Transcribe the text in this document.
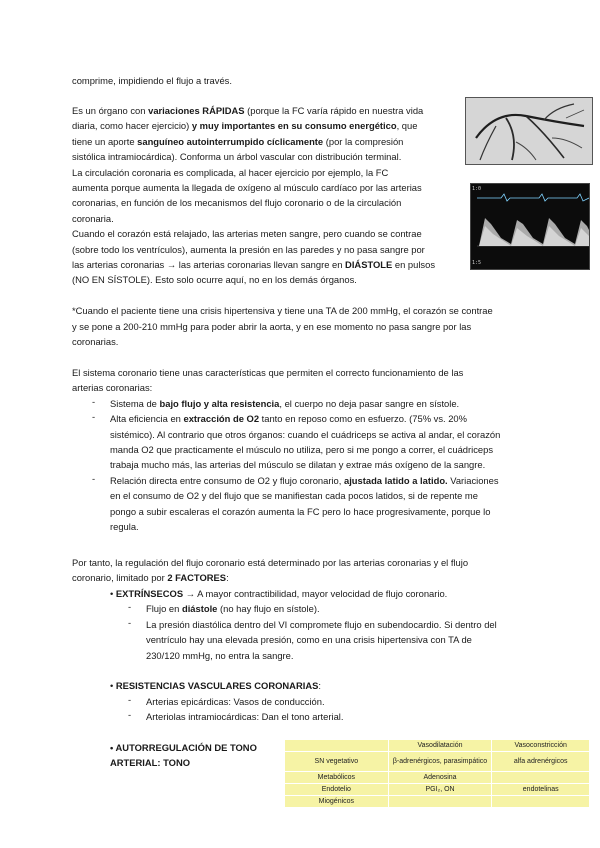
comprime, impidiendo el flujo a través.

Es un órgano con variaciones RÁPIDAS (porque la FC varía rápido en nuestra vida

diaria, como hacer ejercicio) y muy importantes en su consumo energético, que

tiene un aporte sanguíneo autointerrumpido cíclicamente (por la compresión

sistólica intramiocárdica). Conforma un árbol vascular con distribución terminal.

La circulación coronaria es complicada, al hacer ejercicio por ejemplo, la FC

aumenta porque aumenta la llegada de oxígeno al músculo cardíaco por las arterias

coronarias, en función de los mecanismos del flujo coronario o de la circulación

coronaria.

Cuando el corazón está relajado, las arterias meten sangre, pero cuando se contrae

(sobre todo los ventrículos), aumenta la presión en las paredes y no pasa sangre por

las arterias coronarias → las arterias coronarias llevan sangre en DIÁSTOLE en pulsos

(NO EN SÍSTOLE). Esto solo ocurre aquí, no en los demás órganos.

1:0
1:5

*Cuando el paciente tiene una crisis hipertensiva y tiene una TA de 200 mmHg, el corazón se contrae

y se pone a 200-210 mmHg para poder abrir la aorta, y en ese momento no pasa sangre por las

coronarias.

El sistema coronario tiene unas características que permiten el correcto funcionamiento de las

arterias coronarias:

- Sistema de bajo flujo y alta resistencia, el cuerpo no deja pasar sangre en sístole.

- Alta eficiencia en extracción de O2 tanto en reposo como en esfuerzo. (75% vs. 20%

sistémico). Al contrario que otros órganos: cuando el cuádriceps se activa al andar, el corazón

manda O2 que practicamente el músculo no utiliza, pero si me pongo a correr, el cuádriceps

trabaja mucho más, las arterias del músculo se dilatan y extrae más oxígeno de la sangre.

- Relación directa entre consumo de O2 y flujo coronario, ajustada latido a latido. Variaciones

en el consumo de O2 y del flujo que se manifiestan cada pocos latidos, si de repente me

pongo a subir escaleras el corazón aumenta la FC pero lo hace progresivamente, porque lo

regula.

Por tanto, la regulación del flujo coronario está determinado por las arterias coronarias y el flujo

coronario, limitado por 2 FACTORES:

• EXTRÍNSECOS → A mayor contractibilidad, mayor velocidad de flujo coronario.

- Flujo en diástole (no hay flujo en sístole).

- La presión diastólica dentro del VI compromete flujo en subendocardio. Si dentro del

ventrículo hay una elevada presión, como en una crisis hipertensiva con TA de

230/120 mmHg, no entra la sangre.

• RESISTENCIAS VASCULARES CORONARIAS:

- Arterias epicárdicas: Vasos de conducción.

- Arteriolas intramiocárdicas: Dan el tono arterial.

• AUTORREGULACIÓN DE TONO

ARTERIAL: TONO

	Vasodilatación	Vasoconstricción
SN vegetativo	β-adrenérgicos, parasimpático	alfa adrenérgicos
Metabólicos	Adenosina	
Endotelio	PGI₂, ON	endotelinas
Miogénicos		
